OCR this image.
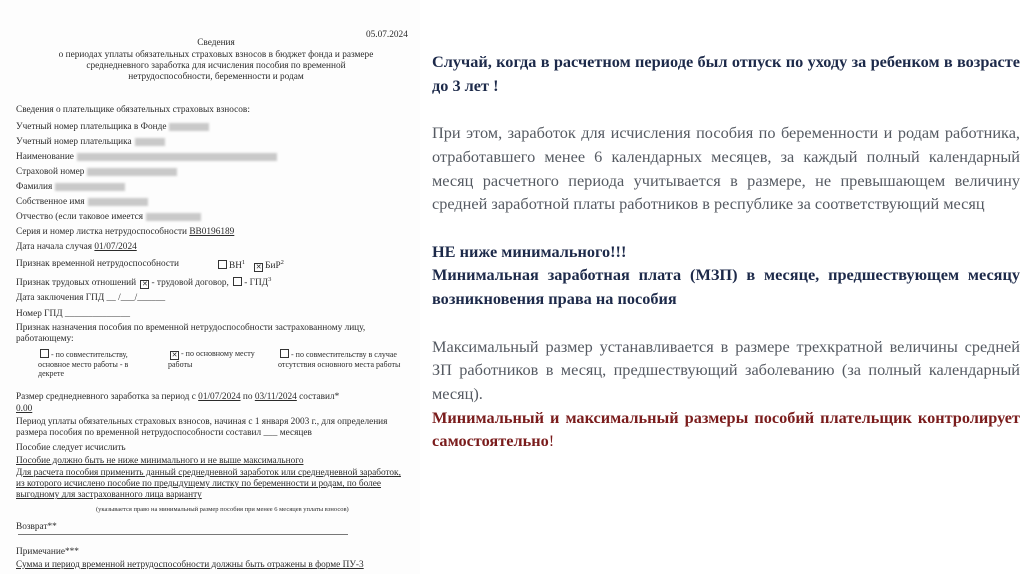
05.07.2024
Сведения
о периодах уплаты обязательных страховых взносов в бюджет фонда и размере среднедневного заработка для исчисления пособия по временной нетрудоспособности, беременности и родам
Сведения о плательщике обязательных страховых взносов:
Учетный номер плательщика в Фонде
Учетный номер плательщика
Наименование
Страховой номер
Фамилия
Собственное имя
Отчество (если таковое имеется
Серия и номер листка нетрудоспособности ВВ0196189
Дата начала случая 01/07/2024
Признак временной нетрудоспособности	$ВН^1$   ✕ БиР$^2$
Признак трудовых отношений ✕ - трудовой договор, - ГПД$^3$
Дата заключения ГПД __ /___/______
Номер ГПД ______________
Признак назначения пособия по временной нетрудоспособности застрахованному лицу, работающему:
- по совместительству, основное место работы - в декрете
✕ - по основному месту работы
- по совместительству в случае отсутствия основного места работы
Размер среднедневного заработка за период с 01/07/2024 по 03/11/2024 составил*
0.00
Период уплаты обязательных страховых взносов, начиная с 1 января 2003 г., для определения размера пособия по временной нетрудоспособности составил ___ месяцев
Пособие следует исчислить
Пособие должно быть не ниже минимального и не выше максимального
Для расчета пособия применить данный среднедневной заработок или среднедневной заработок, из которого исчислено пособие по предыдущему листку по беременности и родам, по более выгодному для застрахованного лица варианту
(указывается право на минимальный размер пособия при менее 6 месяцев уплаты взносов)
Возврат**
Примечание***
Сумма и период временной нетрудоспособности должны быть отражены в форме ПУ-3

Случай, когда в расчетном периоде был отпуск по уходу за ребенком в возрасте до 3 лет !

При этом, заработок для исчисления пособия по беременности и родам работника, отработавшего менее 6 календарных месяцев, за каждый полный календарный месяц расчетного периода учитывается в размере, не превышающем величину средней заработной платы работников в республике за соответствующий месяц

НЕ ниже минимального!!!

Минимальная заработная плата (МЗП) в месяце, предшествующем месяцу возникновения права на пособия

Максимальный размер устанавливается в размере трехкратной величины средней ЗП работников в месяц, предшествующий заболеванию (за полный календарный месяц).

Минимальный и максимальный размеры пособий плательщик контролирует самостоятельно!
